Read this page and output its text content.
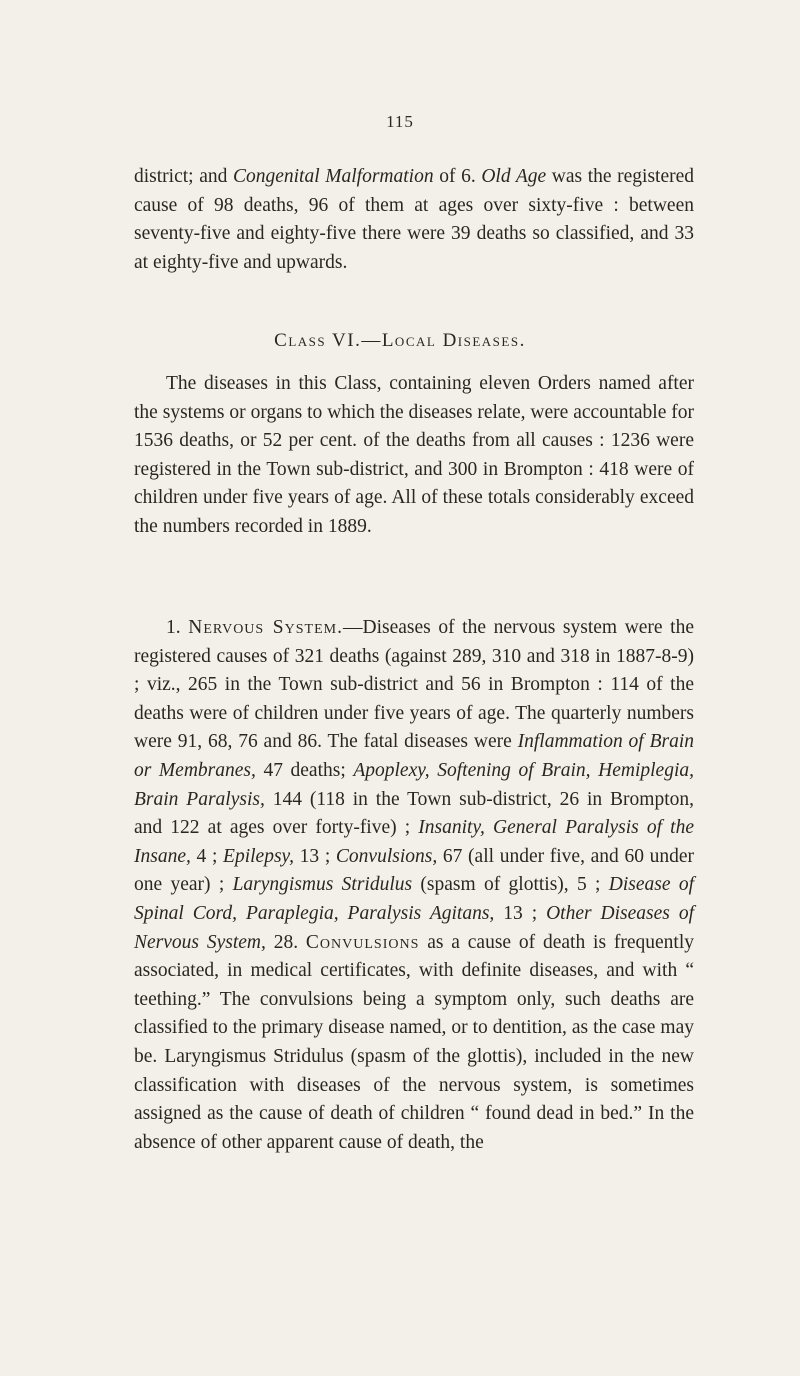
115

district; and Congenital Malformation of 6. Old Age was the registered cause of 98 deaths, 96 of them at ages over sixty-five : between seventy-five and eighty-five there were 39 deaths so classified, and 33 at eighty-five and upwards.

Class VI.—Local Diseases.

The diseases in this Class, containing eleven Orders named after the systems or organs to which the diseases relate, were accountable for 1536 deaths, or 52 per cent. of the deaths from all causes : 1236 were registered in the Town sub-district, and 300 in Brompton : 418 were of children under five years of age. All of these totals considerably exceed the numbers recorded in 1889.

1. Nervous System.—Diseases of the nervous system were the registered causes of 321 deaths (against 289, 310 and 318 in 1887-8-9) ; viz., 265 in the Town sub-district and 56 in Brompton : 114 of the deaths were of children under five years of age. The quarterly numbers were 91, 68, 76 and 86. The fatal diseases were Inflammation of Brain or Membranes, 47 deaths; Apoplexy, Softening of Brain, Hemiplegia, Brain Paralysis, 144 (118 in the Town sub-district, 26 in Brompton, and 122 at ages over forty-five) ; Insanity, General Paralysis of the Insane, 4 ; Epilepsy, 13 ; Convulsions, 67 (all under five, and 60 under one year) ; Laryngismus Stridulus (spasm of glottis), 5 ; Disease of Spinal Cord, Paraplegia, Paralysis Agitans, 13 ; Other Diseases of Nervous System, 28. Convulsions as a cause of death is frequently associated, in medical certificates, with definite diseases, and with “ teething.” The convulsions being a symptom only, such deaths are classified to the primary disease named, or to dentition, as the case may be. Laryngismus Stridulus (spasm of the glottis), included in the new classification with diseases of the nervous system, is sometimes assigned as the cause of death of children “ found dead in bed.” In the absence of other apparent cause of death, the
